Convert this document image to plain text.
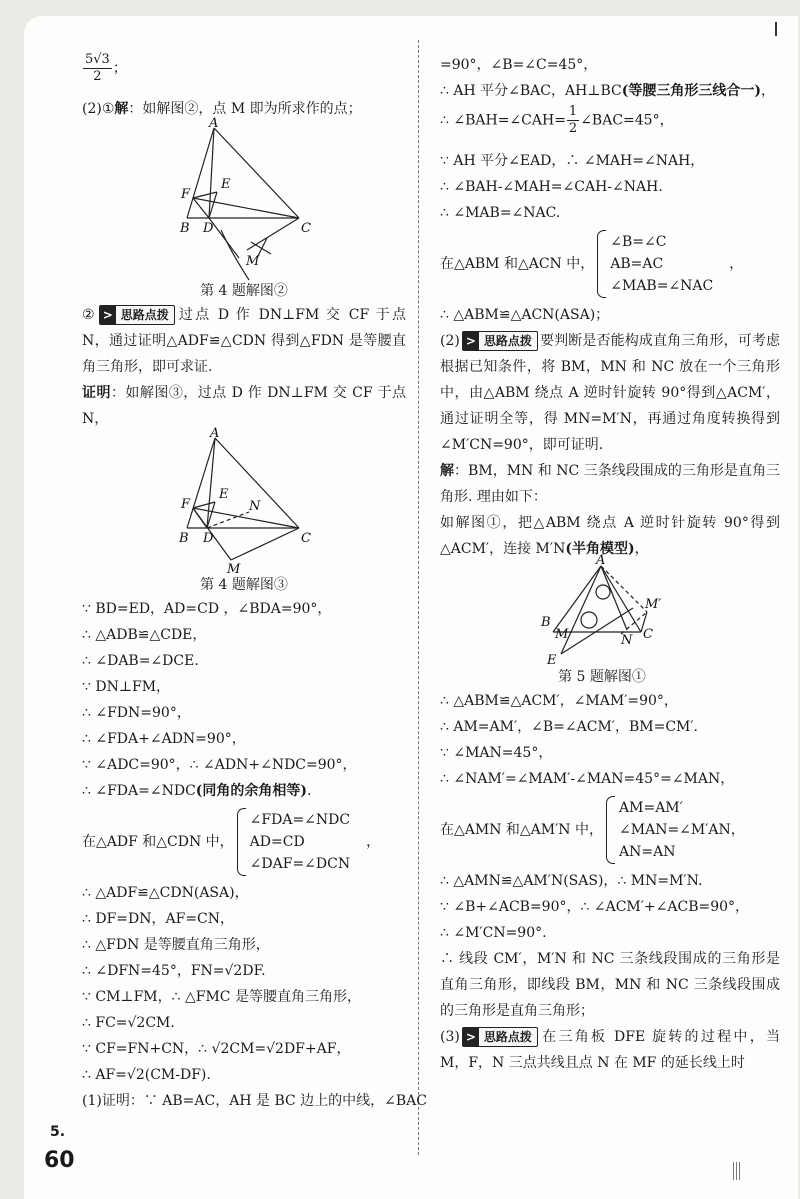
$\frac{5√3}{2}$ ；
(2)①解：如解图②，点 M 即为所求作的点；
A
B	C
D
E
F
M
第 4 题解图②
② > 思路点拨 过点 D 作 DN⊥FM 交 CF 于点 N，通过证明△ADF≌△CDN 得到△FDN 是等腰直角三角形，即可求证.
证明：如解图③，过点 D 作 DN⊥FM 交 CF 于点 N，
A
B	C
D
E
F
M
N
第 4 题解图③
∵ BD=ED，AD=CD ，∠BDA=90°，
∴ △ADB≌△CDE，
∴ ∠DAB=∠DCE.
∵ DN⊥FM，
∴ ∠FDN=90°，
∴ ∠FDA+∠ADN=90°，
∵ ∠ADC=90°，∴ ∠ADN+∠NDC=90°，
∴ ∠FDA=∠NDC(同角的余角相等).
在△ADF 和△CDN 中，
∠FDA=∠NDC
AD=CD
∠DAF=∠DCN
，
∴ △ADF≌△CDN(ASA)，
∴ DF=DN，AF=CN，
∴ △FDN 是等腰直角三角形，
∴ ∠DFN=45°，FN=√2DF.
∵ CM⊥FM，∴ △FMC 是等腰直角三角形，
∴ FC=√2CM.
∵ CF=FN+CN，∴ √2CM=√2DF+AF，
∴ AF=√2(CM-DF).
(1)证明：∵ AB=AC，AH 是 BC 边上的中线，∠BAC
5.
=90°，∠B=∠C=45°，
∴ AH 平分∠BAC，AH⊥BC(等腰三角形三线合一)，
∴ ∠BAH=∠CAH= $\frac{1}{2}$ ∠BAC=45°，
∵ AH 平分∠EAD，∴ ∠MAH=∠NAH，
∴ ∠BAH-∠MAH=∠CAH-∠NAH.
∴ ∠MAB=∠NAC.
在△ABM 和△ACN 中，
∠B=∠C
AB=AC
∠MAB=∠NAC
，
∴ △ABM≌△ACN(ASA)；
(2) > 思路点拨 要判断是否能构成直角三角形，可考虑根据已知条件，将 BM，MN 和 NC 放在一个三角形中，由△ABM 绕点 A 逆时针旋转 90°得到△ACM′，通过证明全等，得 MN=M′N，再通过角度转换得到∠M′CN=90°，即可证明.
解：BM，MN 和 NC 三条线段围成的三角形是直角三角形. 理由如下：
如解图①，把△ABM 绕点 A 逆时针旋转 90°得到△ACM′，连接 M′N(半角模型)，
A
B
C
E
M	N
M′
第 5 题解图①
∴ △ABM≌△ACM′，∠MAM′=90°，
∴ AM=AM′，∠B=∠ACM′，BM=CM′.
∵ ∠MAN=45°，
∴ ∠NAM′=∠MAM′-∠MAN=45°=∠MAN，
在△AMN 和△AM′N 中，
AM=AM′
∠MAN=∠M′AN，
AN=AN
∴ △AMN≌△AM′N(SAS)，∴ MN=M′N.
∵ ∠B+∠ACB=90°，∴ ∠ACM′+∠ACB=90°，
∴ ∠M′CN=90°.
∴ 线段 CM′，M′N 和 NC 三条线段围成的三角形是直角三角形，即线段 BM，MN 和 NC 三条线段围成的三角形是直角三角形；
(3) > 思路点拨 在三角板 DFE 旋转的过程中，当 M，F，N 三点共线且点 N 在 MF 的延长线上时
60
